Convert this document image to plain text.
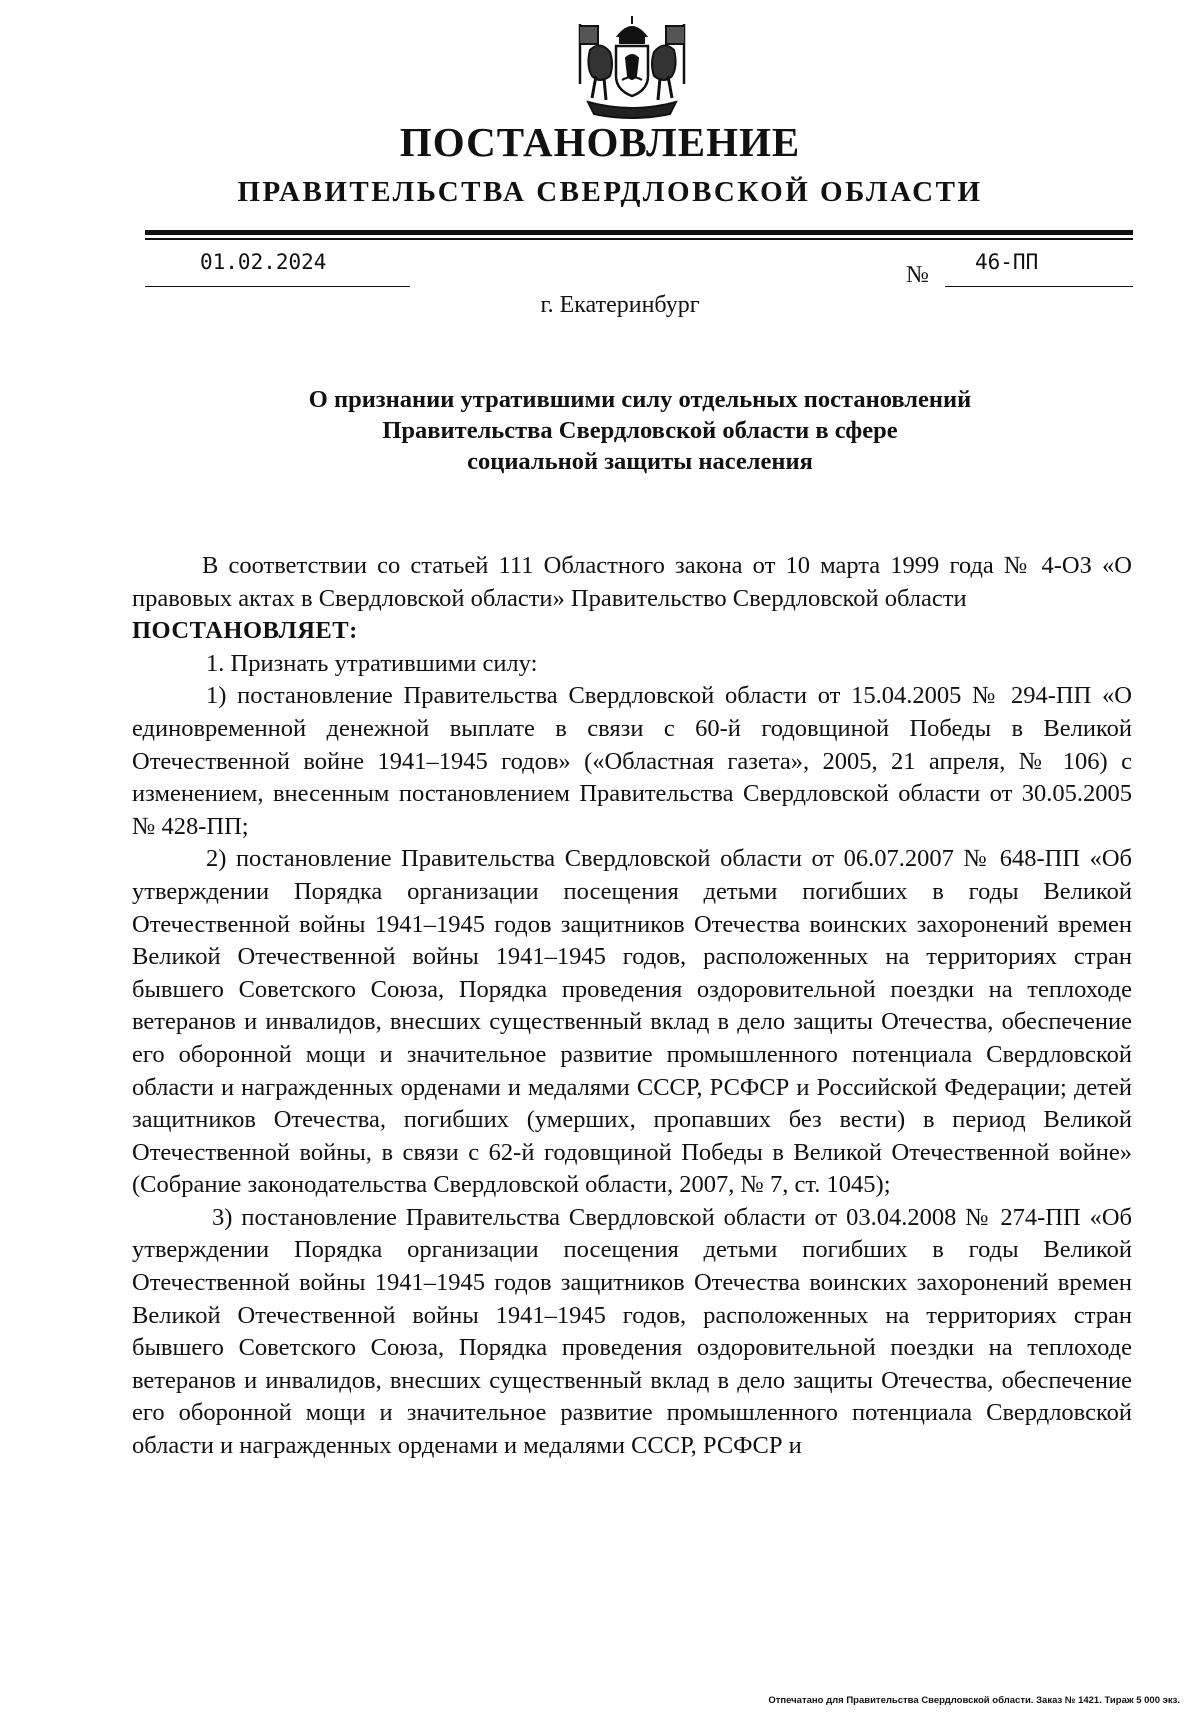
ПОСТАНОВЛЕНИЕ
ПРАВИТЕЛЬСТВА СВЕРДЛОВСКОЙ ОБЛАСТИ
01.02.2024	№ 46-ПП
г. Екатеринбург
О признании утратившими силу отдельных постановлений
Правительства Свердловской области в сфере
социальной защиты населения

В соответствии со статьей 111 Областного закона от 10 марта 1999 года № 4-ОЗ «О правовых актах в Свердловской области» Правительство Свердловской области

ПОСТАНОВЛЯЕТ:

1. Признать утратившими силу:

1) постановление Правительства Свердловской области от 15.04.2005 № 294-ПП «О единовременной денежной выплате в связи с 60-й годовщиной Победы в Великой Отечественной войне 1941–1945 годов» («Областная газета», 2005, 21 апреля, № 106) с изменением, внесенным постановлением Правительства Свердловской области от 30.05.2005 № 428-ПП;

2) постановление Правительства Свердловской области от 06.07.2007 № 648-ПП «Об утверждении Порядка организации посещения детьми погибших в годы Великой Отечественной войны 1941–1945 годов защитников Отечества воинских захоронений времен Великой Отечественной войны 1941–1945 годов, расположенных на территориях стран бывшего Советского Союза, Порядка проведения оздоровительной поездки на теплоходе ветеранов и инвалидов, внесших существенный вклад в дело защиты Отечества, обеспечение его оборонной мощи и значительное развитие промышленного потенциала Свердловской области и награжденных орденами и медалями СССР, РСФСР и Российской Федерации; детей защитников Отечества, погибших (умерших, пропавших без вести) в период Великой Отечественной войны, в связи с 62-й годовщиной Победы в Великой Отечественной войне» (Собрание законодательства Свердловской области, 2007, № 7, ст. 1045);

3) постановление Правительства Свердловской области от 03.04.2008 № 274-ПП «Об утверждении Порядка организации посещения детьми погибших в годы Великой Отечественной войны 1941–1945 годов защитников Отечества воинских захоронений времен Великой Отечественной войны 1941–1945 годов, расположенных на территориях стран бывшего Советского Союза, Порядка проведения оздоровительной поездки на теплоходе ветеранов и инвалидов, внесших существенный вклад в дело защиты Отечества, обеспечение его оборонной мощи и значительное развитие промышленного потенциала Свердловской области и награжденных орденами и медалями СССР, РСФСР и

Отпечатано для Правительства Свердловской области. Заказ № 1421. Тираж 5 000 экз.
